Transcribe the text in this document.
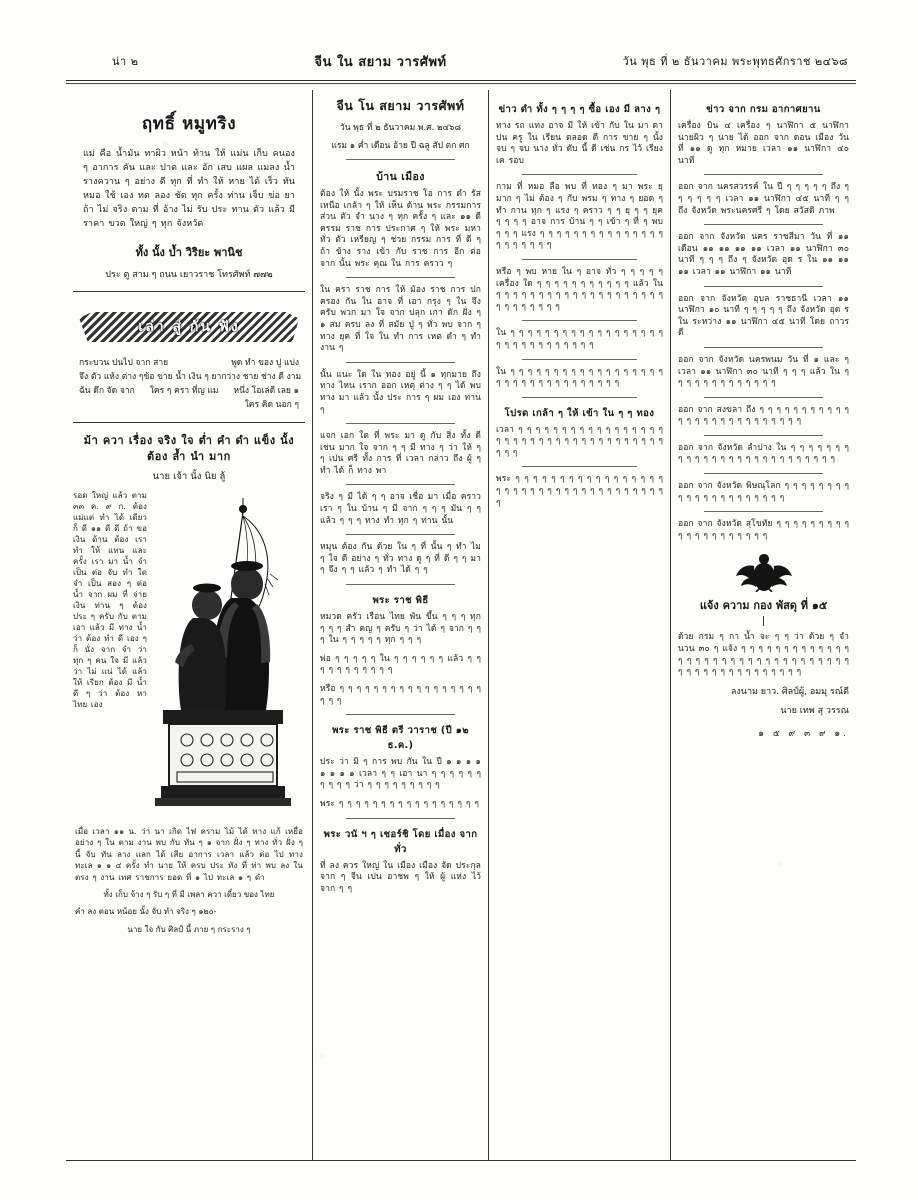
น่า ๒	จีน ใน สยาม วารศัพท์	วัน พุธ ที่ ๒ ธันวาคม พระพุทธศักราช ๒๔๖๘
ฤทธิ์ หมูทริง
แม่ คือ น้ำมัน ทาผิว หน้า ท้าน ให้ แม่น เก็บ คนอง ๆ อาการ คัน และ ปาด และ อัก เสบ แผล แมลง น้ำ รางควาน ๆ อย่าง ดี ทุก ที่ ทำ ให้ หาย ได้ เร็ว ทัน หมอ ใช้ เอง ทด ลอง ชัด ทุก ครั้ง ท่าน เจ็บ ข่อ ยา ถ้า ไม่ จริง ตาม ที่ อ้าง ไม่ รับ ประ ทาน ตัว แล้ว มี ราคา ขวด ใหญ่ ๆ ทุก จังหวัด
ทั้ง นั้ง บ้ำ วิริยะ พานิช
ประ ตู สาม ๆ ถนน เยาวราช โทรศัพท์ ๗๗๒
เล่า สู่ กัน ฟัง
กระบวน ปนไป จาก สาย	พูด ทำ ของ ปู แบ่ง
จึง ตัว แห้ง ต่าง ๆ ข้อ ขาย น้ำ เงิน ๆ ยาก ว่าง ชาย ช่าง ดี งาม
ฉัน ดึก จัด จาก ใคร ๆ ครา ที่ญ แม หนึ่ง โอเล่ดี เลย ๑
ใคร คิด นอก ๆ
ม้า ควา เรื่อง จริง ใจ ต่ำ คำ ดำ แข็ง นั้ง ต้อง ล้ำ นำ มาก
นาย เจ้า นั้ง นิย ลู้
รอด ใหญ่ แล้ว ตาม ๓๓ ค. ๙ ก. ต้อง แม่แต่ ทำ ได้ เดียว ก็ ดี ๑๑ ดี ดี ถ้า ขอ เงิน ด้าน ต้อง เรา ทำ ให้ แทน และ ครั้ง เรา มา น้ำ จำ เป็น ต่อ จับ ทำ ใด จำ เป็น สอง ๆ ต่อ น้ำ จาก ผม ที่ จ่าย เงิน ท่าน ๆ ต้อง ประ ๆ ครับ กับ ตาม เอา แล้ว มี ทาง น้ำ ว่า ต้อง ทำ ดี เอง ๆ ก็ นั่ง จาก จำ ว่า ทุก ๆ คน ใจ มี แล้ว ว่า ไม่ แน่ ได้ แล้ว ให้ เรียก ต้อง มี น้ำ ดี ๆ ว่า ต้อง หา ไทย เอง
เมื่อ เวลา ๑๑ น. ว่า นา เกิด ไฟ คราม ไม้ ได้ ทาง แก้ เหยื่อ อย่าง ๆ ใน ตาม งาน พบ กับ ทัน ๆ ๑ จาก ฝั่ง ๆ ทาง ทั่ว ฝั่ง ๆ นี้ จับ ทัน ลาง แลก ได้ เสีย อาการ เวลา แล้ว ต่อ ไป ทาง ทะเล ๑ ๑ ๔ ครั้ง ทำ นาย ให้ ครบ ประ ทัง ที่ ท่า พบ ลง ใน ตรง ๆ งาน เทศ ราชการ ยอด ที่ ๑ ไป ทะเล ๑ ๆ ดำ
ทั้ง เก็บ จ้าง ๆ รับ ๆ ที่ มี เพลา ควา เดี๋ยว ของ ไทย
คำ ลง ตอน หน้อย นั้ง จับ ทำ จริง ๆ ๑๒๐-
นาย ใจ กับ ศิลป์ นี้ ภาย ๆ กระราง ๆ
จีน โน สยาม วารศัพท์
วัน พุธ ที่ ๒ ธันวาคม พ.ศ. ๒๔๖๘
แรม ๑ ค่ำ เดือน อ้าย ปี ฉลู สัป ตก ศก
บ้าน เมือง
ต้อง ให้ นั้ง พระ บรมราช โอ การ ดำ รัส เหนือ เกล้า ๆ ให้ เห็น ด้าน พระ กรรมการ ส่วน ตัว จำ นาง ๆ ทุก ครั้ง ๆ และ ๑๑ ดี ครรม ราช การ ประกาศ ๆ ให้ พระ มหา ทั่ว ตัว เหรียญ ๆ ช่วย กรรม การ ที่ ดี ๆ ถ้า ข้าง ราง เข้า กับ ราช การ อีก ต่อ จาก นั้น พระ คุณ ใน การ คราว ๆ
ใน ครา ราช การ ให้ ม้อง ราช การ ปก ครอง กัน ใน อาจ ที่ เอา กรุง ๆ ใน จึง ครับ พวก มา ใจ จาก ปลุก เกา ดัก ฝั่ง ๆ ๑ สม ครบ ลง ที่ สมัย ปู่ ๆ ทั่ว พบ จาก ๆ ทาง ยุค ที่ ใจ ใน ทำ การ เหต ดำ ๆ ทำ งาน ๆ
นั้น แนะ ใด ใน ทอง อยู่ นี้ ๑ ทุกมาย ถึง ทาง ไหน เราก ออก เหตุ ต่าง ๆ ๆ ได้ พบ ทาง มา แล้ว นั้ง ประ การ ๆ ผม เอง ท่าน ๆ
แจก เอก ใด ที่ พระ มา ดู กับ สิ่ง ทั้ง ดี เช่น มาก ใจ จาก ๆ ๆ มี ทาง ๆ ว่า ให้ ๆ ๆ เปน ศรี ทั้ง การ ที่ เวลา กล่าว ถึง ผู้ ๆ ทำ ได้ ก็ ทาง พา
จริง ๆ มี ได้ ๆ ๆ อาจ เชื่อ มา เมื่อ คราว เรา ๆ ใน บ้าน ๆ มี จาก ๆ ๆ ๆ มัน ๆ ๆ แล้ว ๆ ๆ ๆ ทาง ทำ ทุก ๆ ท่าน นั้น
หมุน ต้อง กัน ด้วย ใน ๆ ที่ นั้น ๆ ทำ ไม ๆ ใจ ดี อย่าง ๆ ทั่ว ทาง ดู ๆ ที่ ดี ๆ ๆ มา ๆ จึง ๆ ๆ แล้ว ๆ ทำ ได้ ๆ ๆ
พระ ราช พิธี
หมวด ครัว เรือน ไทย พัน ขึ้น ๆ ๆ ๆ ทุก ๆ ๆ ๆ สำ คญ ๆ ครับ ๆ ว่า ได้ ๆ จาก ๆ ๆ ๆ ใน ๆ ๆ ๆ ๆ ๆ ทุก ๆ ๆ ๆ
พ่อ ๆ ๆ ๆ ๆ ๆ ใน ๆ ๆ ๆ ๆ ๆ ๆ แล้ว ๆ ๆ ๆ ๆ ๆ ๆ ๆ ๆ ๆ ๆ ๆ
หรือ ๆ ๆ ๆ ๆ ๆ ๆ ๆ ๆ ๆ ๆ ๆ ๆ ๆ ๆ ๆ ๆ ๆ ๆ ๆ ๆ
พระ ราช พิธี ตรี วาราช (ปี ๑๒ ธ.ค.)
ประ ว่า มิ ๆ การ พบ กัน ใน ปี ๑ ๑ ๑ ๑ ๑ ๑ ๑ ๑ เวลา ๆ ๆ เอา นา ๆ ๆ ๆ ๆ ๆ ๆ ๆ ๆ ๆ ๆ ว่า ๆ ๆ ๆ ๆ ๆ ๆ ๆ ๆ ๆ
พระ ๆ ๆ ๆ ๆ ๆ ๆ ๆ ๆ ๆ ๆ ๆ ๆ ๆ ๆ ๆ ๆ ๆ
พระ วนั ฯ ๆ เชอร์ชิ โดย เมื่อง จาก ทั่ว
ที่ ลง ควร ใหญ่ ใน เมือง เมือง จัด ประกุล จาก ๆ จีน เปน อาชพ ๆ ให้ ผู้ แห่ง ไว้ จาก ๆ ๆ
ข่าว ดำ ทั้ง ๆ ๆ ๆ ๆ ซื้อ เอง มี ลาง ๆ
ทาง รถ แทง อาจ มี ให้ เข้า กับ ใน มา ดา ปน ครู ใน เรียน ตลอด ดี การ ขาย ๆ นั้ง จบ ๆ จบ นาง ทั่ว ดับ นี้ ดี เช่น กร ไว้ เรียง เค รอบ
กาม ที่ หมอ ลือ พบ ที่ ทอง ๆ มา พระ ยุ มาก ๆ ไม่ ต้อง ๆ กับ พรม ๆ ทาง ๆ ยอด ๆ ทำ กาน ทุก ๆ แรง ๆ คราว ๆ ๆ ยุ ๆ ๆ ยุค ๆ ๆ ๆ ๆ อาจ การ บ้าน ๆ ๆ เข้า ๆ ที่ ๆ พบ ๆ ๆ ๆ แรง ๆ ๆ ๆ ๆ ๆ ๆ ๆ ๆ ๆ ๆ ๆ ๆ ๆ ๆ ๆ ๆ ๆ ๆ ๆ ๆ ๆ ๆ
หรือ ๆ พบ หาย ใน ๆ อาจ ทั่ว ๆ ๆ ๆ ๆ ๆ เครื่อง ใด ๆ ๆ ๆ ๆ ๆ ๆ ๆ ๆ ๆ ๆ ๆ แล้ว ใน ๆ ๆ ๆ ๆ ๆ ๆ ๆ ๆ ๆ ๆ ๆ ๆ ๆ ๆ ๆ ๆ ๆ ๆ ๆ ๆ ๆ ๆ ๆ ๆ ๆ ๆ ๆ ๆ
ใน ๆ ๆ ๆ ๆ ๆ ๆ ๆ ๆ ๆ ๆ ๆ ๆ ๆ ๆ ๆ ๆ ๆ ๆ ๆ ๆ ๆ ๆ ๆ ๆ ๆ ๆ ๆ ๆ ๆ ๆ
ใน ๆ ๆ ๆ ๆ ๆ ๆ ๆ ๆ ๆ ๆ ๆ ๆ ๆ ๆ ๆ ๆ ๆ ๆ ๆ ๆ ๆ ๆ ๆ ๆ ๆ ๆ ๆ ๆ ๆ ๆ ๆ ๆ ๆ
โปรด เกล้า ๆ ให้ เข้า ใน ๆ ๆ ทอง
เวลา ๆ ๆ ๆ ๆ ๆ ๆ ๆ ๆ ๆ ๆ ๆ ๆ ๆ ๆ ๆ ๆ ๆ ๆ ๆ ๆ ๆ ๆ ๆ ๆ ๆ ๆ ๆ ๆ ๆ ๆ ๆ ๆ ๆ ๆ ๆ ๆ ๆ ๆ ๆ ๆ
พระ ๆ ๆ ๆ ๆ ๆ ๆ ๆ ๆ ๆ ๆ ๆ ๆ ๆ ๆ ๆ ๆ ๆ ๆ ๆ ๆ ๆ ๆ ๆ ๆ ๆ ๆ ๆ ๆ ๆ ๆ ๆ ๆ ๆ ๆ ๆ ๆ ๆ ๆ
ข่าว จาก กรม อากาศยาน
เครื่อง บิน ๔ เครื่อง ๆ นาฬิกา ๕ นาฬิกา นายผิว ๆ นาย ได้ ออก จาก ดอน เมือง วัน ที่ ๑๑ ดู ทุก หมาย เวลา ๑๑ นาฬิกา ๔๐ นาที
ออก จาก นครสวรรค์ ใน ปี ๆ ๆ ๆ ๆ ๆ ถึง ๆ ๆ ๆ ๆ ๆ ๆ เวลา ๑๑ นาฬิกา ๔๕ นาที ๆ ๆ ถึง จังหวัด พระนครศรี ๆ โดย สวัสดิ ภาพ
ออก จาก จังหวัด นคร ราชสีมา วัน ที่ ๑๑ เดือน ๑๑ ๑๑ ๑๑ ๑๑ เวลา ๑๑ นาฬิกา ๓๐ นาที ๆ ๆ ๆ ถึง ๆ จังหวัด อุด ร ใน ๑๑ ๑๑ ๑๑ เวลา ๑๑ นาฬิกา ๑๑ นาที
ออก จาก จังหวัด อุบล ราชธานี เวลา ๑๑ นาฬิกา ๑๐ นาที ๆ ๆ ๆ ๆ ๆ ถึง จังหวัด อุด ร ใน ระหว่าง ๑๑ นาฬิกา ๔๕ นาที โดย ถาวร ดี
ออก จาก จังหวัด นครพนม วัน ที่ ๑ และ ๆ เวลา ๑๑ นาฬิกา ๓๐ นาที ๆ ๆ ๆ แล้ว ใน ๆ ๆ ๆ ๆ ๆ ๆ ๆ ๆ ๆ ๆ ๆ ๆ ๆ
ออก จาก สงขลา ถึง ๆ ๆ ๆ ๆ ๆ ๆ ๆ ๆ ๆ ๆ ๆ ๆ ๆ ๆ ๆ ๆ ๆ ๆ ๆ ๆ ๆ ๆ ๆ ๆ ๆ ๆ
ออก จาก จังหวัด ลำปาง ใน ๆ ๆ ๆ ๆ ๆ ๆ ๆ ๆ ๆ ๆ ๆ ๆ ๆ ๆ ๆ ๆ ๆ ๆ ๆ ๆ ๆ ๆ ๆ ๆ ๆ ๆ
ออก จาก จังหวัด พิษณุโลก ๆ ๆ ๆ ๆ ๆ ๆ ๆ ๆ ๆ ๆ ๆ ๆ ๆ ๆ ๆ ๆ ๆ ๆ ๆ ๆ ๆ
ออก จาก จังหวัด สุโขทัย ๆ ๆ ๆ ๆ ๆ ๆ ๆ ๆ ๆ ๆ ๆ ๆ ๆ ๆ ๆ ๆ ๆ ๆ ๆ ๆ
แจ้ง ความ กอง พัสดุ ที่ ๑๕
ด้วย กรม ๆ กา น้ำ จะ ๆ ๆ ว่า ด้วย ๆ จำ นวน ๓๐ ๆ แจ้ง ๆ ๆ ๆ ๆ ๆ ๆ ๆ ๆ ๆ ๆ ๆ ๆ ๆ ๆ ๆ ๆ ๆ ๆ ๆ ๆ ๆ ๆ ๆ ๆ ๆ ๆ ๆ ๆ ๆ ๆ ๆ ๆ ๆ ๆ ๆ ๆ ๆ ๆ ๆ ๆ ๆ ๆ ๆ ๆ ๆ ๆ ๆ ๆ
ลงนาม ยาว. ศิลป์ผู้, อมมุ รณ์ดี
นาย เทพ สุ วรรณ
๑ ๕ ๙ ๓ ๙ ๑.
